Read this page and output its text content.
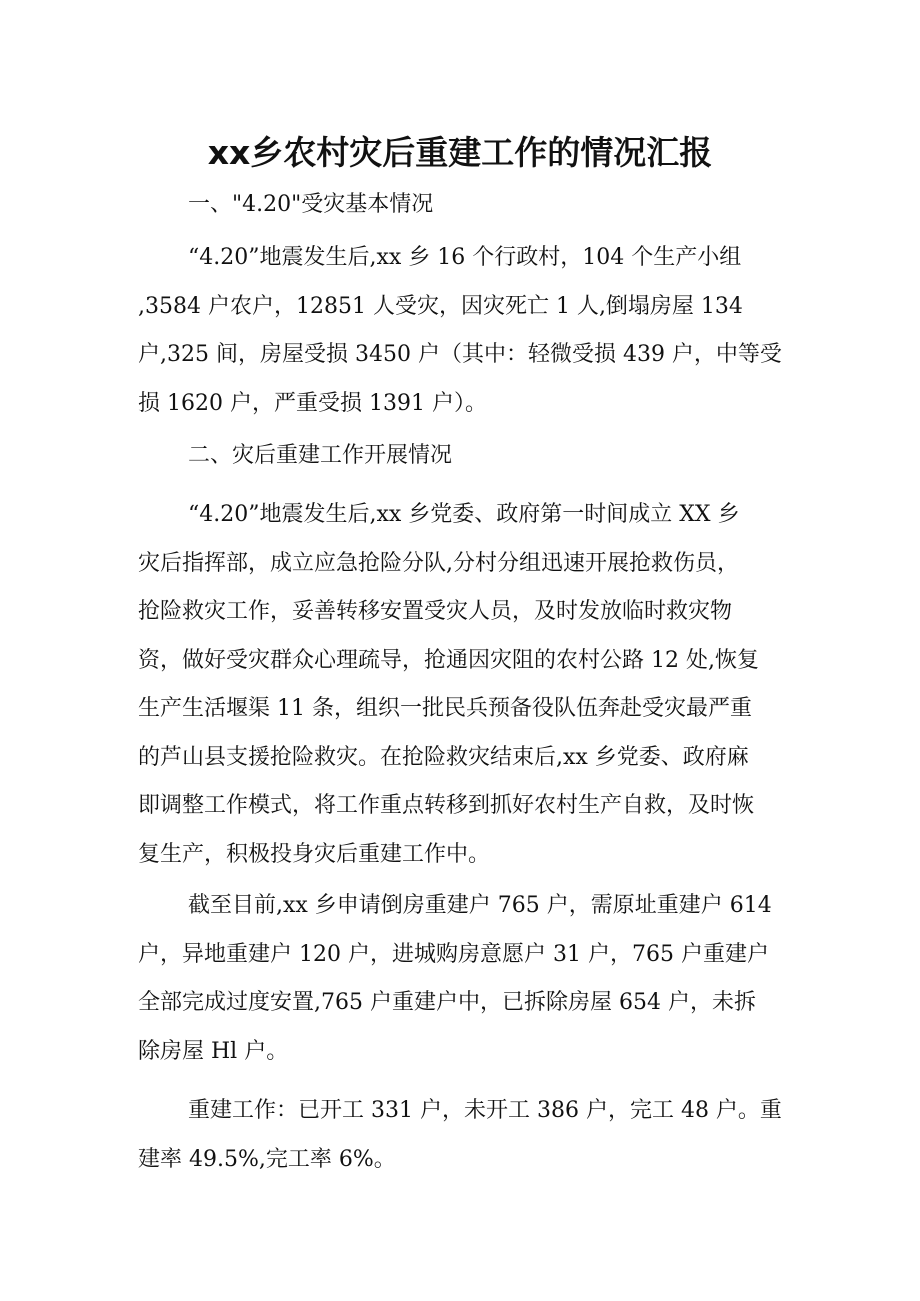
xx乡农村灾后重建工作的情况汇报
一、"4.20"受灾基本情况
“4.20”地震发生后,xx 乡 16 个行政村，104 个生产小组
,3584 户农户，12851 人受灾，因灾死亡 1 人,倒塌房屋 134
户,325 间，房屋受损 3450 户（其中：轻微受损 439 户，中等受
损 1620 户，严重受损 1391 户）。
二、灾后重建工作开展情况
“4.20”地震发生后,xx 乡党委、政府第一时间成立 XX 乡
灾后指挥部，成立应急抢险分队,分村分组迅速开展抢救伤员，
抢险救灾工作，妥善转移安置受灾人员，及时发放临时救灾物
资，做好受灾群众心理疏导，抢通因灾阻的农村公路 12 处,恢复
生产生活堰渠 11 条，组织一批民兵预备役队伍奔赴受灾最严重
的芦山县支援抢险救灾。在抢险救灾结束后,xx 乡党委、政府麻
即调整工作模式，将工作重点转移到抓好农村生产自救，及时恢
复生产，积极投身灾后重建工作中。
截至目前,xx 乡申请倒房重建户 765 户，需原址重建户 614
户，异地重建户 120 户，进城购房意愿户 31 户，765 户重建户
全部完成过度安置,765 户重建户中，已拆除房屋 654 户，未拆
除房屋 Hl 户。
重建工作：已开工 331 户，未开工 386 户，完工 48 户。重
建率 49.5%,完工率 6%。
